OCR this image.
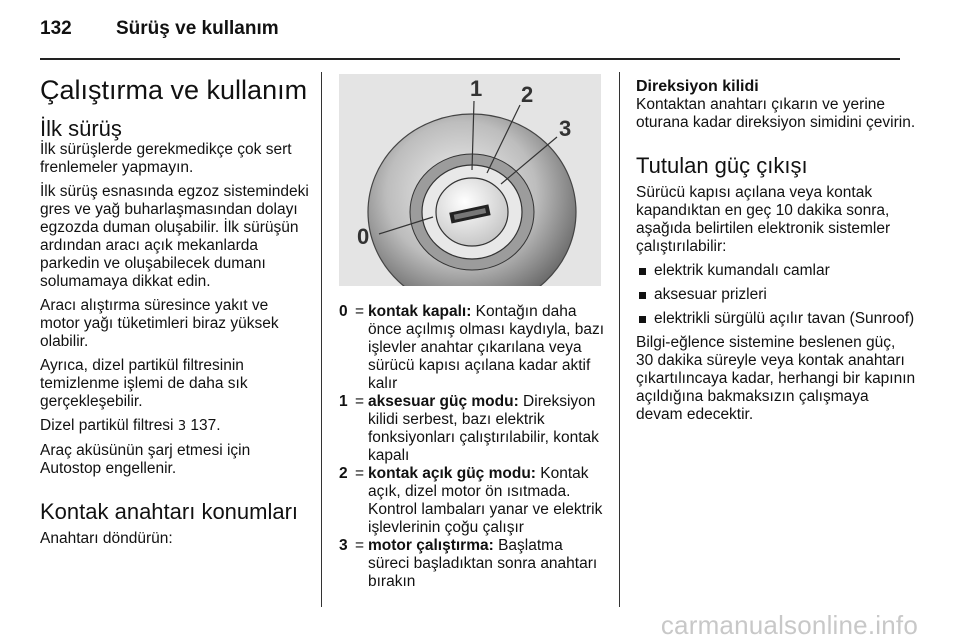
132 Sürüş ve kullanım
Çalıştırma ve kullanım
İlk sürüş

İlk sürüşlerde gerekmedikçe çok sert frenlemeler yapmayın.

İlk sürüş esnasında egzoz sistemindeki gres ve yağ buharlaşmasından dolayı egzozda duman oluşabilir. İlk sürüşün ardından aracı açık mekanlarda parkedin ve oluşabilecek dumanı solumamaya dikkat edin.

Aracı alıştırma süresince yakıt ve motor yağı tüketimleri biraz yüksek olabilir.

Ayrıca, dizel partikül filtresinin temizlenme işlemi de daha sık gerçekleşebilir.

Dizel partikül filtresi 3 137.

Araç aküsünün şarj etmesi için Autostop engellenir.

Kontak anahtarı konumları

Anahtarı döndürün:

1 2
3
0
0 = kontak kapalı: Kontağın daha önce açılmış olması kaydıyla, bazı işlevler anahtar çıkarılana veya sürücü kapısı açılana kadar aktif kalır
1 = aksesuar güç modu: Direksiyon kilidi serbest, bazı elektrik fonksiyonları çalıştırılabilir, kontak kapalı
2 = kontak açık güç modu: Kontak açık, dizel motor ön ısıtmada. Kontrol lambaları yanar ve elektrik işlevlerinin çoğu çalışır
3 = motor çalıştırma: Başlatma süreci başladıktan sonra anahtarı bırakın
Direksiyon kilidi

Kontaktan anahtarı çıkarın ve yerine oturana kadar direksiyon simidini çevirin.

Tutulan güç çıkışı

Sürücü kapısı açılana veya kontak kapandıktan en geç 10 dakika sonra, aşağıda belirtilen elektronik sistemler çalıştırılabilir:

elektrik kumandalı camlar
aksesuar prizleri
elektrikli sürgülü açılır tavan (Sunroof)

Bilgi-eğlence sistemine beslenen güç, 30 dakika süreyle veya kontak anahtarı çıkartılıncaya kadar, herhangi bir kapının açıldığına bakmaksızın çalışmaya devam edecektir.

carmanualsonline.info
